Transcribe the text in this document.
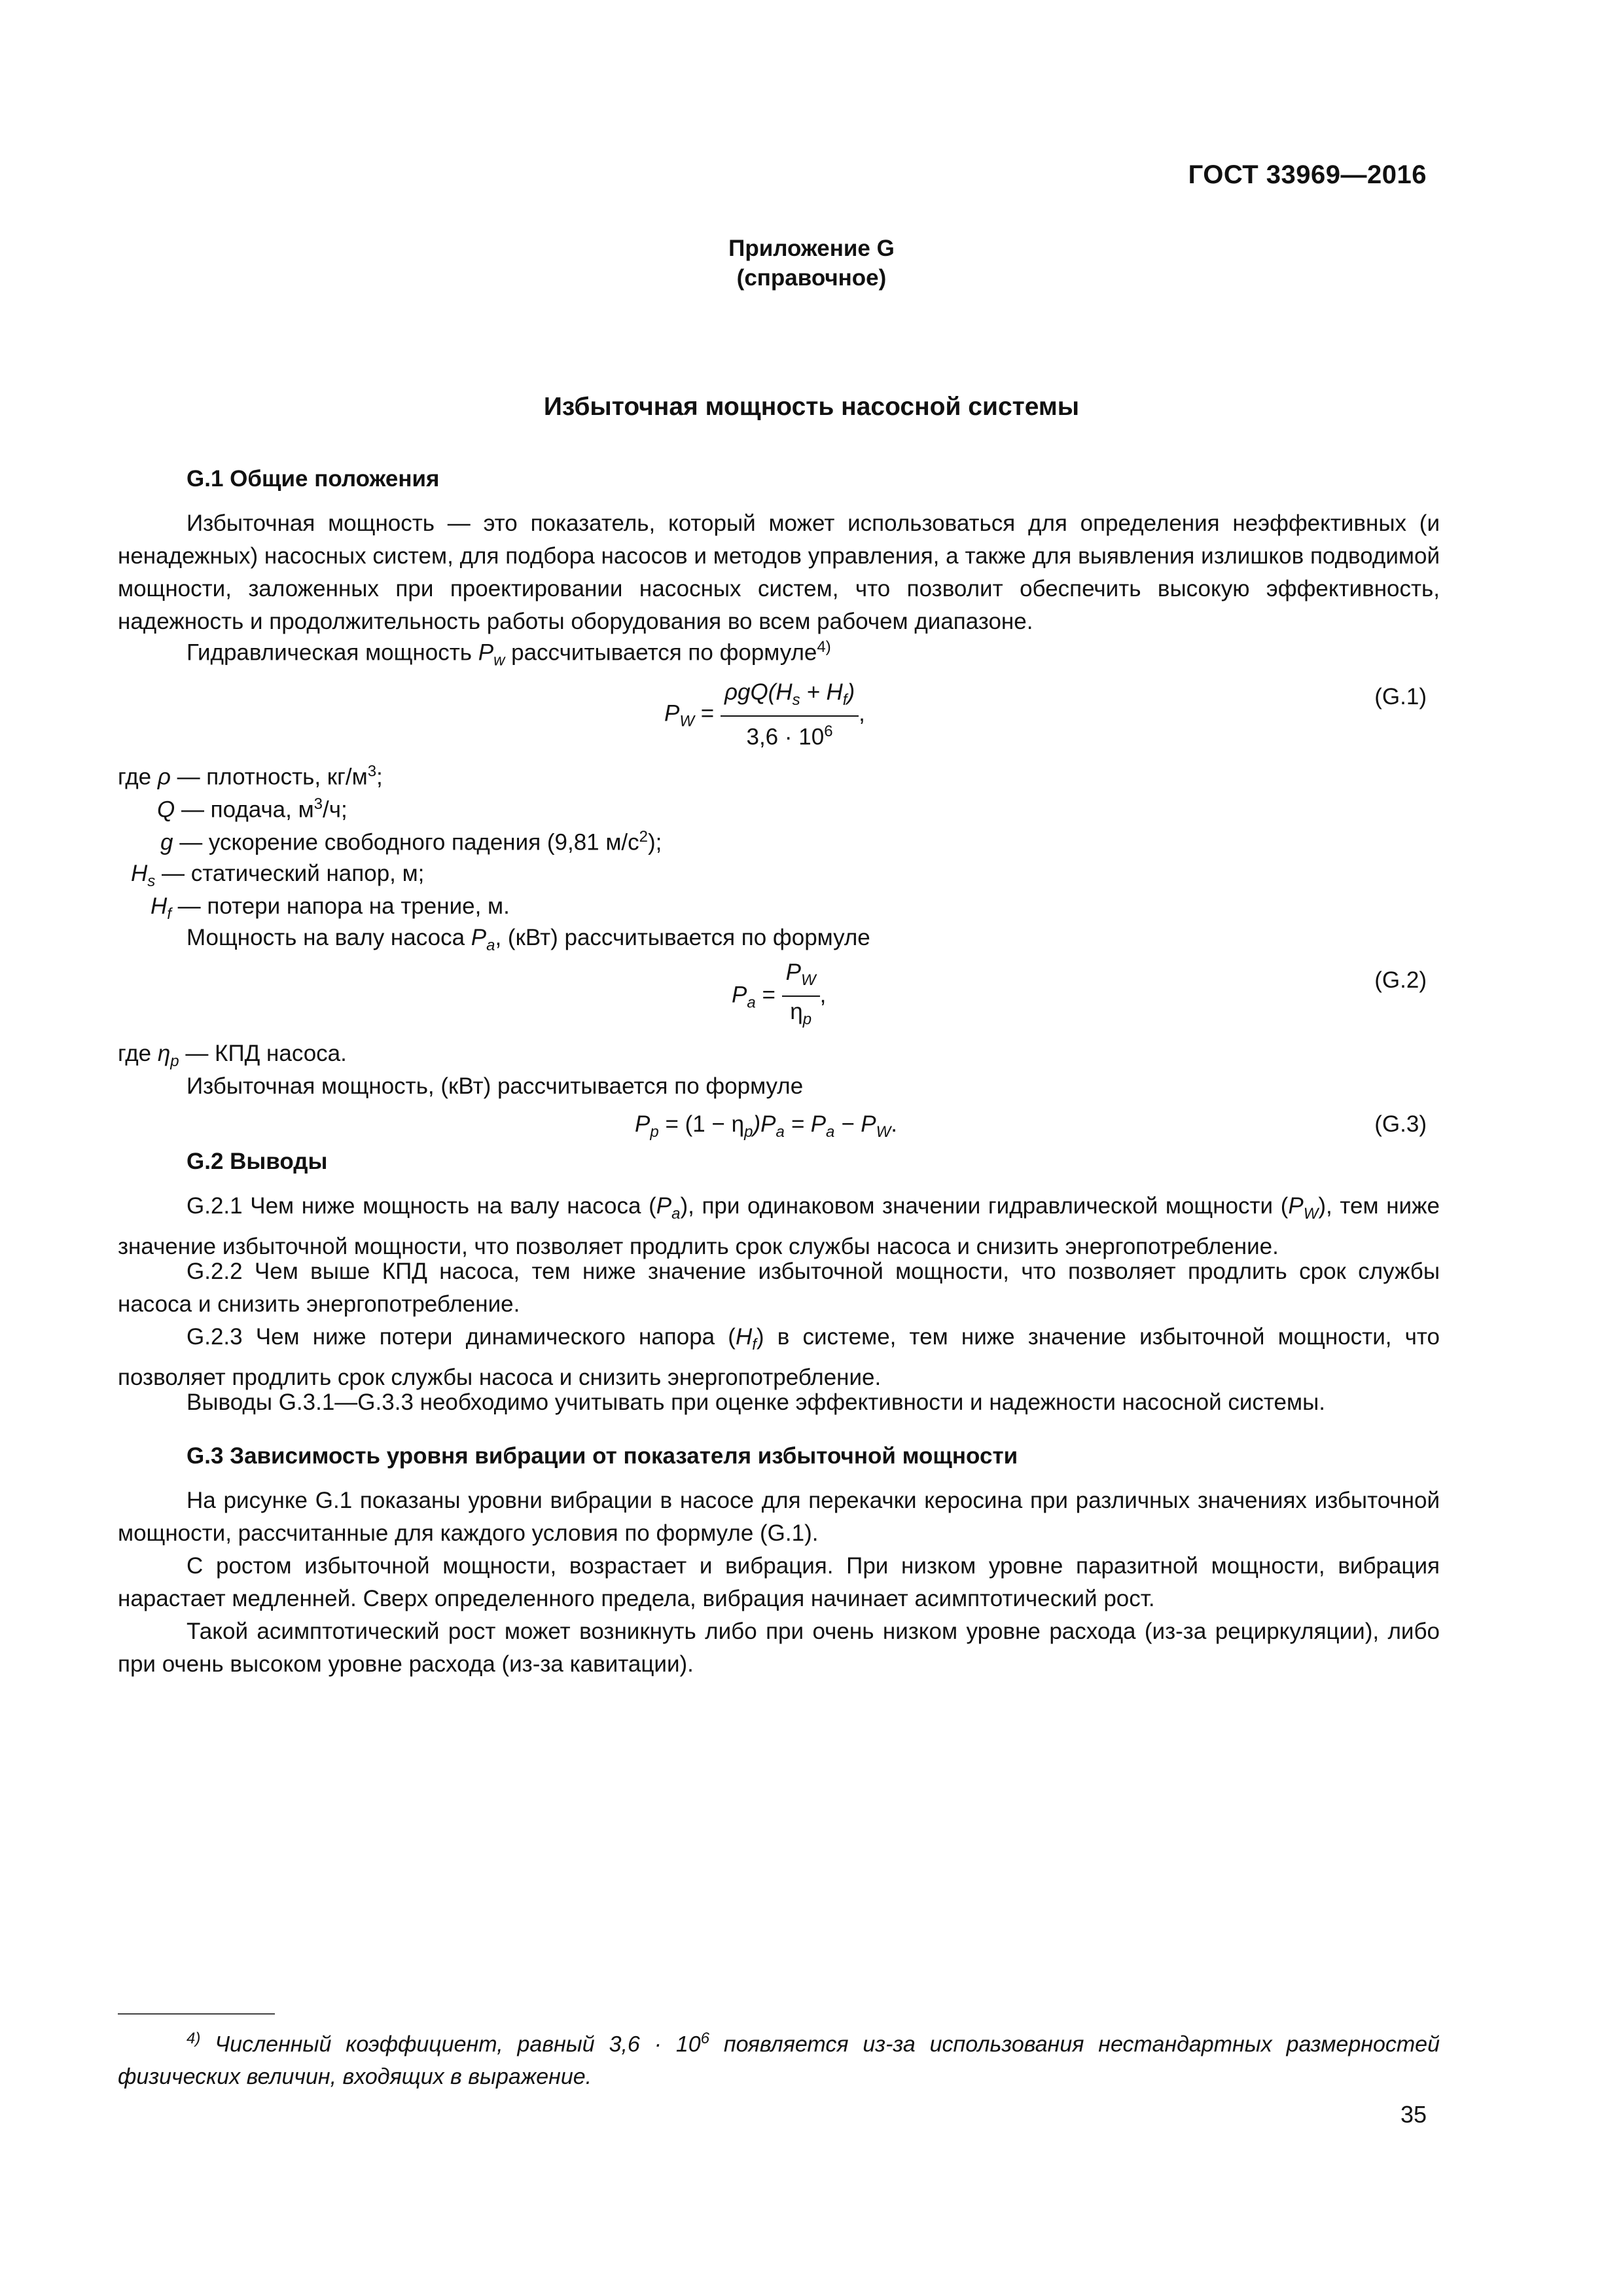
ГОСТ 33969—2016
Приложение G
(справочное)
Избыточная мощность насосной системы
G.1 Общие положения
Избыточная мощность — это показатель, который может использоваться для определения неэффективных (и ненадежных) насосных систем, для подбора насосов и методов управления, а также для выявления излишков подводимой мощности, заложенных при проектировании насосных систем, что позволит обеспечить высокую эффективность, надежность и продолжительность работы оборудования во всем рабочем диапазоне.
Гидравлическая мощность $P_w$ рассчитывается по формуле$^{4)}$
$P_W = \frac{\rho gQ(H_s + H_f)}{3,6 \cdot 10^6}$ ,
(G.1)
где ρ — плотность, $кг/м^3$;
Q — подача, $м^3/ч$;
g — ускорение свободного падения (9,81 $м/с^2$);
$H_s$ — статический напор, м;
$H_f$ — потери напора на трение, м.
Мощность на валу насоса $P_a$, (кВт) рассчитывается по формуле
$P_a = \frac{P_W}{\eta_p}$ ,
(G.2)
где $\eta_p$ — КПД насоса.
Избыточная мощность, (кВт) рассчитывается по формуле
$P_p = (1 - \eta_p)P_a = P_a - P_W$.	(G.3)
G.2 Выводы
G.2.1 Чем ниже мощность на валу насоса $(P_a)$, при одинаковом значении гидравлической мощности $(P_W)$, тем ниже значение избыточной мощности, что позволяет продлить срок службы насоса и снизить энергопотребление.
G.2.2 Чем выше КПД насоса, тем ниже значение избыточной мощности, что позволяет продлить срок службы насоса и снизить энергопотребление.
G.2.3 Чем ниже потери динамического напора $(H_f)$ в системе, тем ниже значение избыточной мощности, что позволяет продлить срок службы насоса и снизить энергопотребление.
Выводы G.3.1—G.3.3 необходимо учитывать при оценке эффективности и надежности насосной системы.
G.3 Зависимость уровня вибрации от показателя избыточной мощности
На рисунке G.1 показаны уровни вибрации в насосе для перекачки керосина при различных значениях избыточной мощности, рассчитанные для каждого условия по формуле (G.1).
С ростом избыточной мощности, возрастает и вибрация. При низком уровне паразитной мощности, вибрация нарастает медленней. Сверх определенного предела, вибрация начинает асимптотический рост.
Такой асимптотический рост может возникнуть либо при очень низком уровне расхода (из-за рециркуляции), либо при очень высоком уровне расхода (из-за кавитации).
$^{4)}$ Численный коэффициент, равный $3,6 \cdot 10^6$ появляется из-за использования нестандартных размерностей физических величин, входящих в выражение.
35
